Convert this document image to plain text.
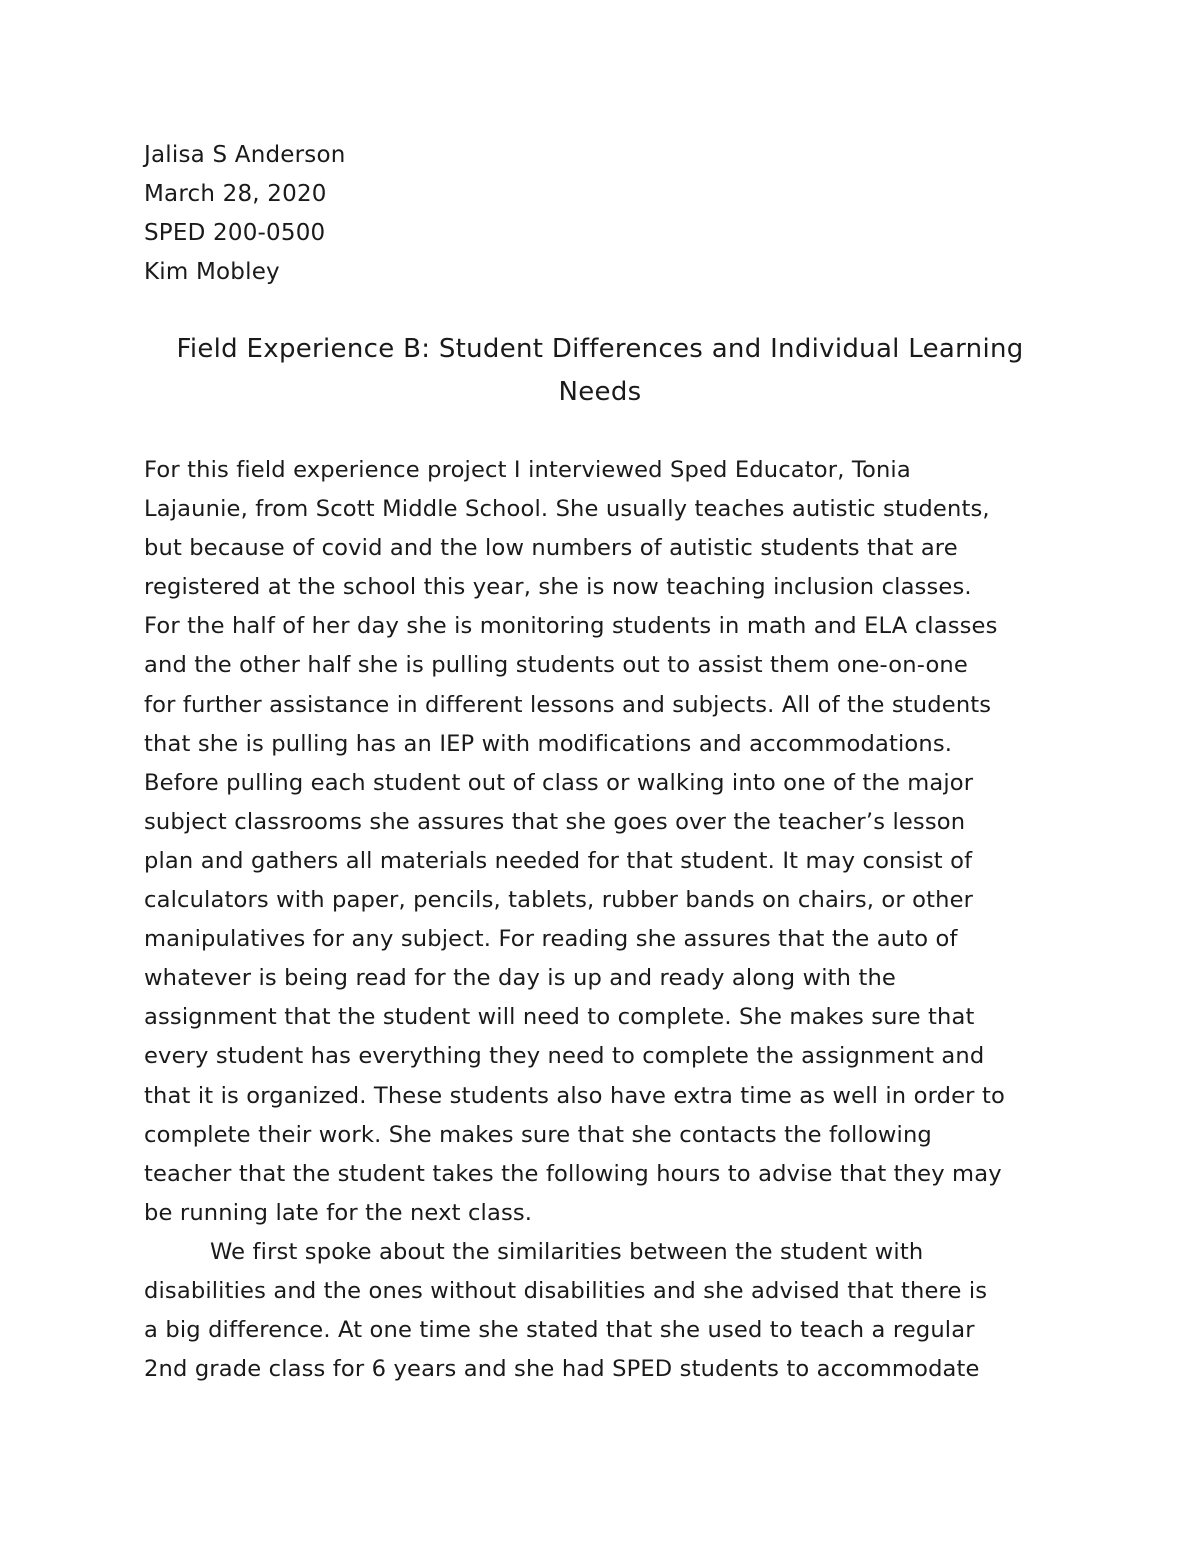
Jalisa S Anderson
March 28, 2020
SPED 200-0500
Kim Mobley
Field Experience B: Student Differences and Individual Learning
Needs
For this field experience project I interviewed Sped Educator, Tonia
Lajaunie, from Scott Middle School. She usually teaches autistic students,
but because of covid and the low numbers of autistic students that are
registered at the school this year, she is now teaching inclusion classes.
For the half of her day she is monitoring students in math and ELA classes
and the other half she is pulling students out to assist them one-on-one
for further assistance in different lessons and subjects. All of the students
that she is pulling has an IEP with modifications and accommodations.
Before pulling each student out of class or walking into one of the major
subject classrooms she assures that she goes over the teacher’s lesson
plan and gathers all materials needed for that student. It may consist of
calculators with paper, pencils, tablets, rubber bands on chairs, or other
manipulatives for any subject. For reading she assures that the auto of
whatever is being read for the day is up and ready along with the
assignment that the student will need to complete. She makes sure that
every student has everything they need to complete the assignment and
that it is organized. These students also have extra time as well in order to
complete their work. She makes sure that she contacts the following
teacher that the student takes the following hours to advise that they may
be running late for the next class.
We first spoke about the similarities between the student with
disabilities and the ones without disabilities and she advised that there is
a big difference. At one time she stated that she used to teach a regular
2nd grade class for 6 years and she had SPED students to accommodate
